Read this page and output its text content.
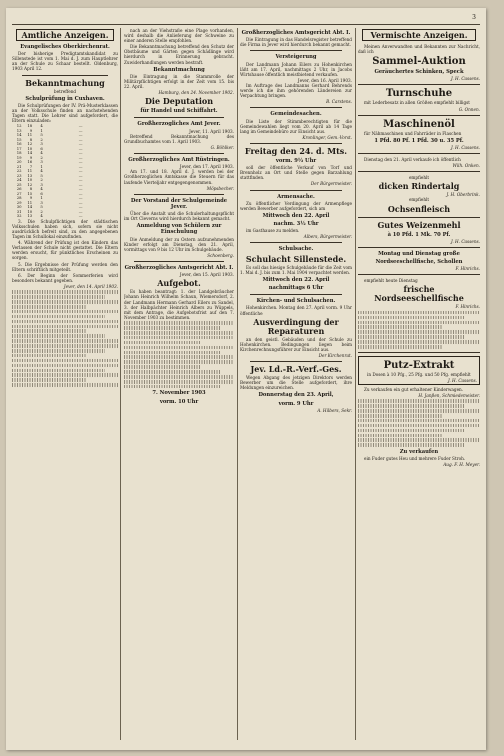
3
Amtliche Anzeigen.
Evangelisches Oberkirchenrat.

Der bisherige Predigtamtskandidat zu Sillenstede ist vom 1. Mai d. J. zum Hauptlehrer an der Schule zu Schaar bestellt. Oldenburg, 1903 April 12.

Bekanntmachung
betreffend
Schulprüfung in Cuxhaven.

Die Schulprüfungen der IV. Prä-Musterklassen an der Volksschule finden an nachstehenden Tagen statt. Die Lehrer sind aufgefordert, die Eltern einzuladen:

12	18	4	—
13	9	1	—
14	11	5	—
15	8	2	—
16	12	3	—
17	10	6	—
18	14	4	—
19	9	2	—
20	16	3	—
21	7	1	—
22	11	4	—
23	13	5	—
24	10	2	—
25	12	3	—
26	8	4	—
27	15	6	—
28	9	1	—
29	11	3	—
30	14	5	—
31	10	2	—
32	13	4	—

3. Die Schulpflichtigen der städtischen Volksschulen haben sich, sofern sie nicht ausdrücklich befreit sind, zu den angegebenen Tagen im Schullokal einzufinden.

4. Während der Prüfung ist den Kindern das Verlassen der Schule nicht gestattet. Die Eltern werden ersucht, für pünktliches Erscheinen zu sorgen.

5. Die Ergebnisse der Prüfung werden den Eltern schriftlich mitgeteilt.

6. Der Beginn der Sommerferien wird besonders bekannt gegeben.

Jever, den 14. April 1903.

nach an der Viehstraße eine Plage vorhanden, wird deshalb die Anlieferung der Schweine zu einer anderen Stelle empfohlen.

Die Bekanntmachung betreffend den Schutz der Obstbäume und Gärten gegen Schädlinge wird hierdurch in Erinnerung gebracht. Zuwiderhandlungen werden bestraft.

Bekanntmachung

Die Eintragung in die Stammrolle der Militärpflichtigen erfolgt in der Zeit vom 15. bis 22. April.

Hamburg, den 24. November 1902.
Die Deputation
für Handel und Schiffahrt.
Großherzogliches Amt Jever.
Jever, 11. April 1903.

Betreffend Bekanntmachung des Grundbuchamtes vom 1. April 1903.

G. Böhlker.
Großherzogliches Amt Rüstringen.
Jever, den 17. April 1903.

Am 17. und 18. April d. J. werden bei der Großherzoglichen Amtskasse die Steuern für das laufende Vierteljahr entgegengenommen.

Möpsbecher.
Der Vorstand der Schulgemeinde Jever.

Über die Anstalt und die Schulerhaltungspflicht im Ort Cleverns wird hierdurch bekannt gemacht.

Anmeldung von Schülern zur Einschulung

Die Anmeldung der zu Ostern aufzunehmenden Kinder erfolgt am Dienstag, den 21. April, vormittags von 9 bis 12 Uhr im Schulgebäude.

Schoenberg.
Großherzogliches Amtsgericht Abt. I.
Jever, den 15. April 1903.
Aufgebot.

Es haben beantragt: 1. der Landgebräucher Johann Heinrich Wilhelm Schaun, Wiemersdorf, 2. der Landmann Hermann Gerhard Eilers zu Sandel, 3. der Halbpächter Heinrich Albers zu Wüppels, mit dem Antrage, die Aufgebotsfrist auf den 7. November 1903 zu bestimmen.

7. November 1903
vorm. 10 Uhr
Großherzogliches Amtsgericht Abt. I.

Die Eintragung in das Handelsregister betreffend die Firma in Jever wird hierdurch bekannt gemacht.

Versteigerung

Der Landmann Johann Eilers zu Hohenkirchen läßt am 17. April, nachmittags 2 Uhr, in Jacobs Wirtshause öffentlich meistbietend verkaufen.

Jever, den 16. April 1903.

Im Auftrage des Landmanns Gerhard Behrends werde ich die ihm gehörenden Ländereien zur Verpachtung bringen.

B. Carstens.
Gemeindesachen.

Die Liste der Stimmberechtigten für die Gemeindewahlen liegt vom 20. April ab 14 Tage lang im Gemeindebüro zur Einsicht aus.

Kronlinger, Gem.-Vorst.
Freitag den 24. d. Mts.
vorm. 9½ Uhr

soll der öffentliche Verkauf von Torf und Brennholz an Ort und Stelle gegen Barzahlung stattfinden.

Der Bürgermeister.
Armensache.

Zu öffentlicher Verdingung der Armenpflege werden Bewerber aufgefordert, sich am

Mittwoch den 22. April
nachm. 3½ Uhr

im Gasthause zu melden.

Albers, Bürgermeister.
Schulsache.
Schulacht Sillenstede.

Es soll das hiesige Schulgebäude für die Zeit vom 1. Mai d. J. bis zum 1. Mai 1904 verpachtet werden.

Mittwoch den 22. April
nachmittags 6 Uhr
Kirchen- und Schulsachen.

Hohenkirchen. Montag den 27. April vorm. 9 Uhr öffentliche

Ausverdingung der Reparaturen

an den geistl. Gebäuden und der Schule zu Hohenkirchen. Bedingungen liegen beim Kirchenrechnungsführer zur Einsicht aus.

Der Kirchenrat.
Jev. Ld.-R.-Verf.-Ges.

Wegen Abgang des jetzigen Direktors werden Bewerber um die Stelle aufgefordert, ihre Meldungen einzureichen.

Donnerstag den 23. April,
vorm. 9 Uhr
A. Hilbers, Sekr.
Vermischte Anzeigen.

Meinen Anverwandten und Bekannten zur Nachricht, daß ich

Sammel-Auktion
Geräuchertes Schinken, Speck
J. H. Cassens.
Turnschuhe

mit Lederbesatz in allen Größen empfiehlt billigst

G. Onnen.
Maschinenöl

für Nähmaschinen und Fahrräder in Flaschen

1 Pfd. 80 Pf. 1 Pfd. 30 u. 35 Pf.
J. H. Cassens.

Dienstag den 21. April verkaufe ich öffentlich

Wilh. Onken.
empfiehlt
dicken Rindertalg
J. H. Oberbrink.
empfiehlt
Ochsenfleisch
Gutes Weizenmehl
à 10 Pfd. 1 Mk. 70 Pf.
J. H. Cassens.
Montag und Dienstag große
Nordseeschellfische, Schollen
F. Hinrichs.

empfiehlt heute Dienstag

frische Nordseeschellfische
F. Hinrichs.
Putz-Extrakt

in Dosen à 10 Pfg., 25 Pfg. und 50 Pfg. empfiehlt

J. H. Cassens.

Zu verkaufen ein gut erhaltener Kinderwagen.

H. Janßen, Schmiedemeister.
Zu verkaufen

ein Fuder gutes Heu und mehrere Fuder Stroh.

Aug. F. H. Meyer.
